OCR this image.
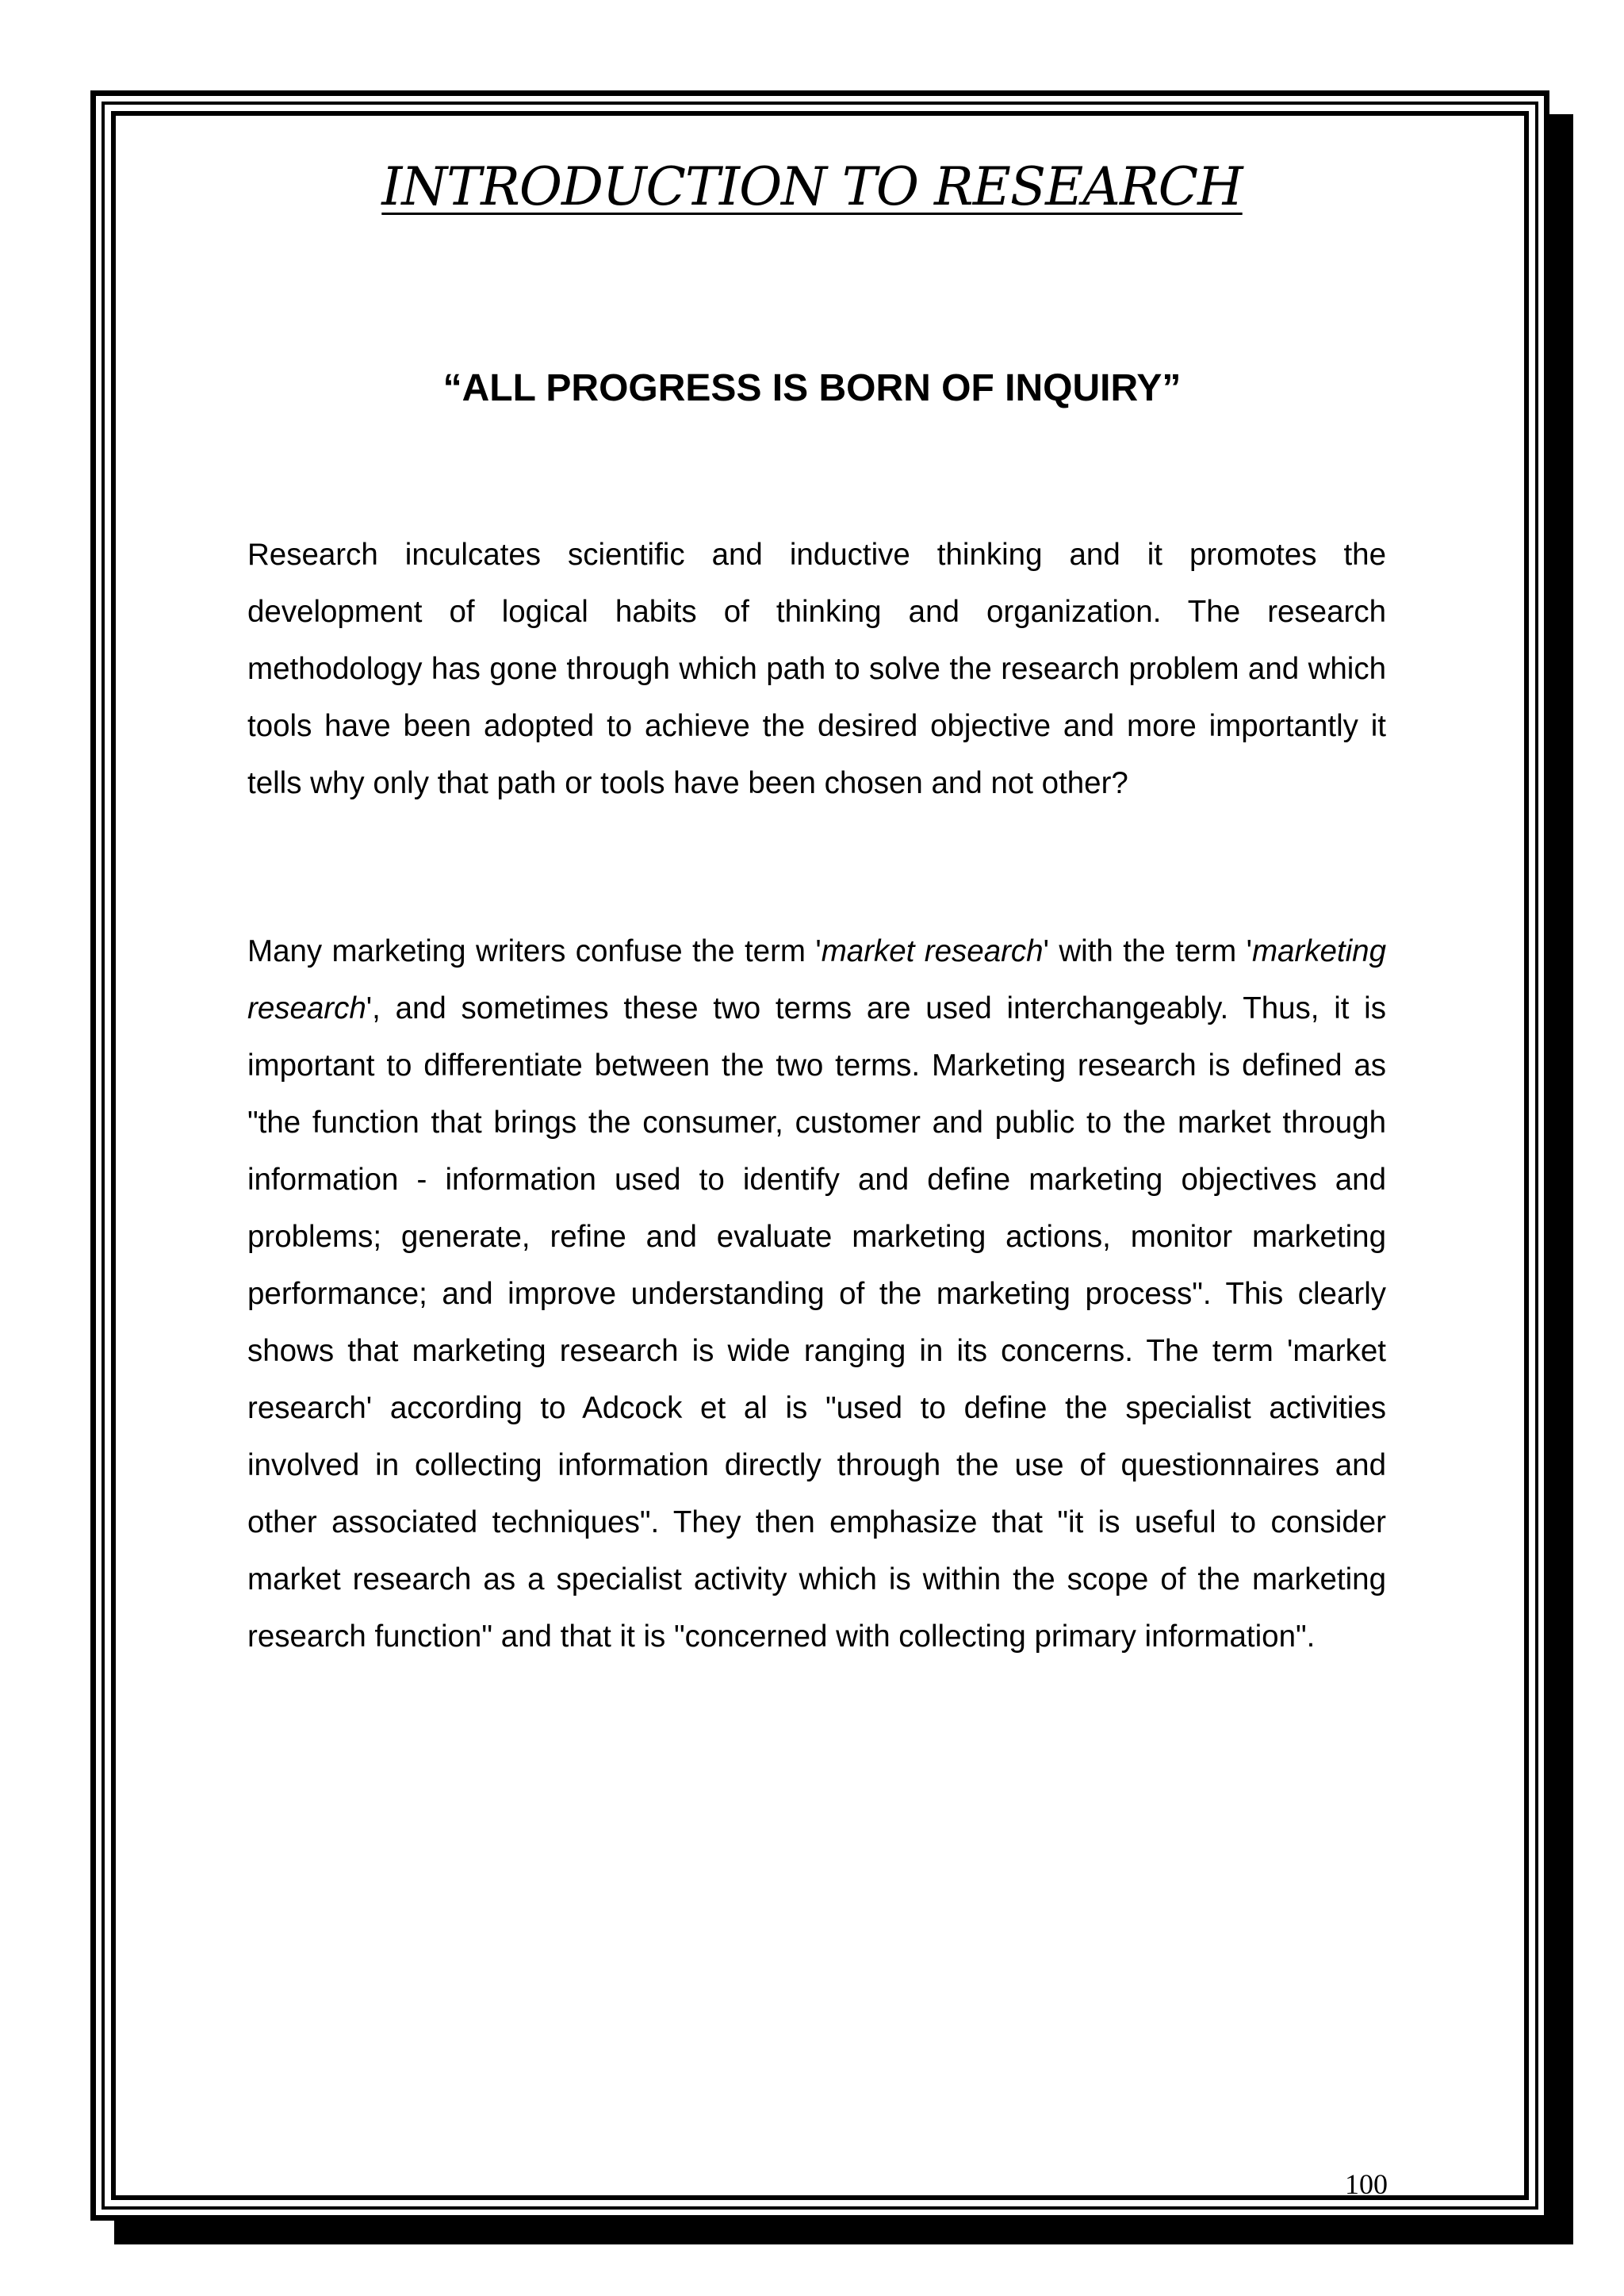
INTRODUCTION TO RESEARCH
“ALL PROGRESS IS BORN OF INQUIRY”

Research inculcates scientific and inductive thinking and it promotes the development of logical habits of thinking and organization. The research methodology has gone through which path to solve the research problem and which tools have been adopted to achieve the desired objective and more importantly it tells why only that path or tools have been chosen and not other?

Many marketing writers confuse the term 'market research' with the term 'marketing research', and sometimes these two terms are used interchangeably. Thus, it is important to differentiate between the two terms. Marketing research is defined as "the function that brings the consumer, customer and public to the market through information - information used to identify and define marketing objectives and problems; generate, refine and evaluate marketing actions, monitor marketing performance; and improve understanding of the marketing process". This clearly shows that marketing research is wide ranging in its concerns. The term 'market research' according to Adcock et al is "used to define the specialist activities involved in collecting information directly through the use of questionnaires and other associated techniques". They then emphasize that "it is useful to consider market research as a specialist activity which is within the scope of the marketing research function" and that it is "concerned with collecting primary information".

100
